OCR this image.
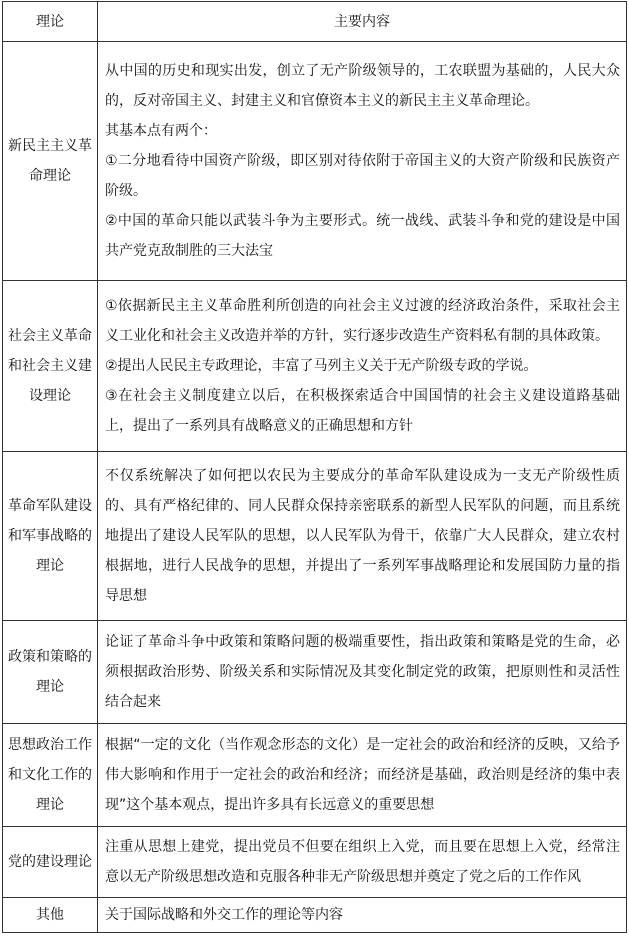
理论	主要内容
新民主主义革命理论	从中国的历史和现实出发，创立了无产阶级领导的，工农联盟为基础的，人民大众的，反对帝国主义、封建主义和官僚资本主义的新民主主义革命理论。
其基本点有两个：
①二分地看待中国资产阶级，即区别对待依附于帝国主义的大资产阶级和民族资产阶级。
②中国的革命只能以武装斗争为主要形式。统一战线、武装斗争和党的建设是中国共产党克敌制胜的三大法宝

社会主义革命和社会主义建设理论	①依据新民主主义革命胜利所创造的向社会主义过渡的经济政治条件，采取社会主义工业化和社会主义改造并举的方针，实行逐步改造生产资料私有制的具体政策。
②提出人民民主专政理论，丰富了马列主义关于无产阶级专政的学说。
③在社会主义制度建立以后，在积极探索适合中国国情的社会主义建设道路基础上，提出了一系列具有战略意义的正确思想和方针

革命军队建设和军事战略的理论	不仅系统解决了如何把以农民为主要成分的革命军队建设成为一支无产阶级性质的、具有严格纪律的、同人民群众保持亲密联系的新型人民军队的问题，而且系统地提出了建设人民军队的思想，以人民军队为骨干，依靠广大人民群众，建立农村根据地，进行人民战争的思想，并提出了一系列军事战略理论和发展国防力量的指导思想

政策和策略的理论	论证了革命斗争中政策和策略问题的极端重要性，指出政策和策略是党的生命，必须根据政治形势、阶级关系和实际情况及其变化制定党的政策，把原则性和灵活性结合起来

思想政治工作和文化工作的理论	根据“一定的文化（当作观念形态的文化）是一定社会的政治和经济的反映，又给予伟大影响和作用于一定社会的政治和经济；而经济是基础，政治则是经济的集中表现”这个基本观点，提出许多具有长远意义的重要思想

党的建设理论	注重从思想上建党，提出党员不但要在组织上入党，而且要在思想上入党，经常注意以无产阶级思想改造和克服各种非无产阶级思想并奠定了党之后的工作作风

其他	关于国际战略和外交工作的理论等内容
